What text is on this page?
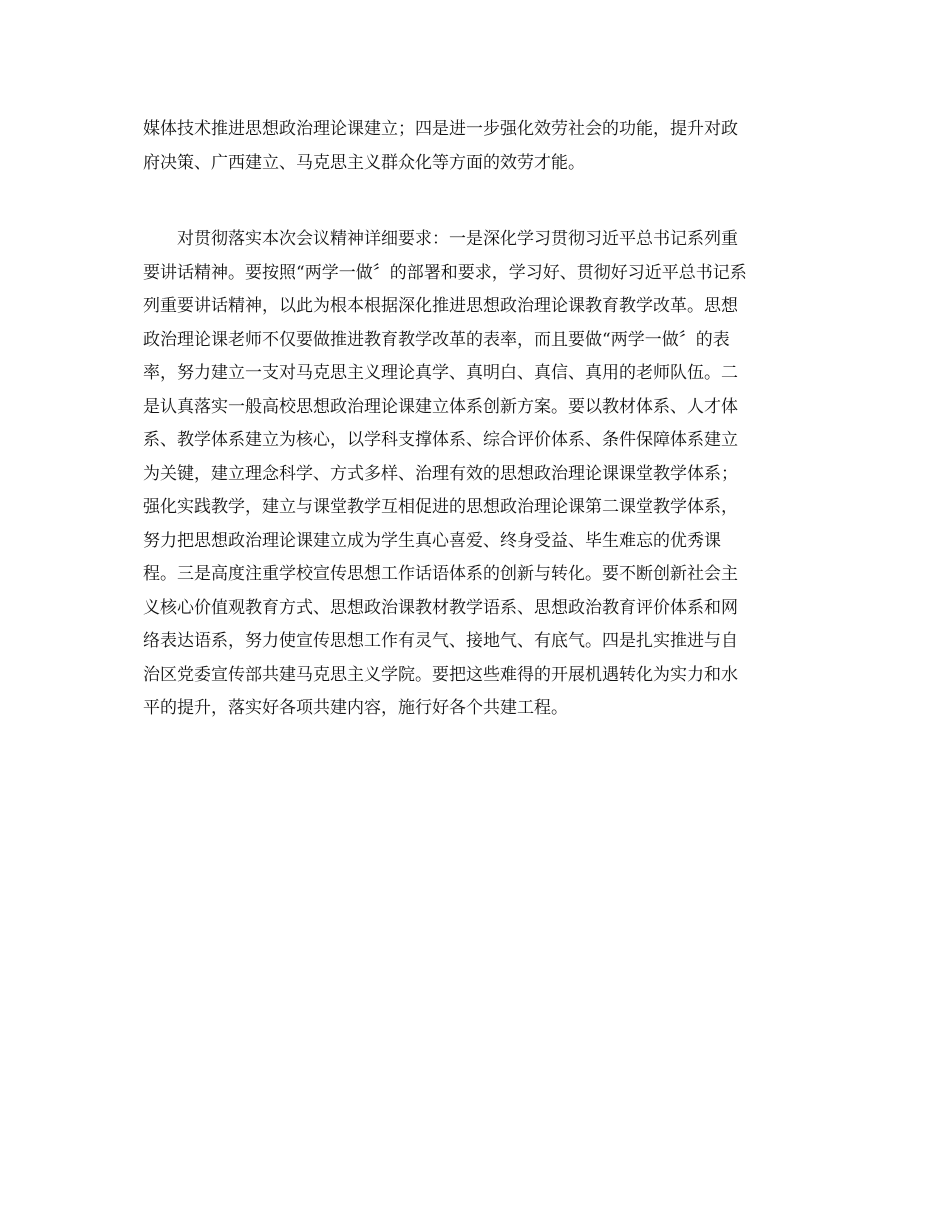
媒体技术推进思想政治理论课建立；四是进一步强化效劳社会的功能，提升对政
府决策、广西建立、马克思主义群众化等方面的效劳才能。
　　对贯彻落实本次会议精神详细要求：一是深化学习贯彻习近平总书记系列重
要讲话精神。要按照“两学一做〞的部署和要求，学习好、贯彻好习近平总书记系
列重要讲话精神，以此为根本根据深化推进思想政治理论课教育教学改革。思想
政治理论课老师不仅要做推进教育教学改革的表率，而且要做“两学一做〞的表
率，努力建立一支对马克思主义理论真学、真明白、真信、真用的老师队伍。二
是认真落实一般高校思想政治理论课建立体系创新方案。要以教材体系、人才体
系、教学体系建立为核心，以学科支撑体系、综合评价体系、条件保障体系建立
为关键，建立理念科学、方式多样、治理有效的思想政治理论课课堂教学体系；
强化实践教学，建立与课堂教学互相促进的思想政治理论课第二课堂教学体系，
努力把思想政治理论课建立成为学生真心喜爱、终身受益、毕生难忘的优秀课
程。三是高度注重学校宣传思想工作话语体系的创新与转化。要不断创新社会主
义核心价值观教育方式、思想政治课教材教学语系、思想政治教育评价体系和网
络表达语系，努力使宣传思想工作有灵气、接地气、有底气。四是扎实推进与自
治区党委宣传部共建马克思主义学院。要把这些难得的开展机遇转化为实力和水
平的提升，落实好各项共建内容，施行好各个共建工程。
